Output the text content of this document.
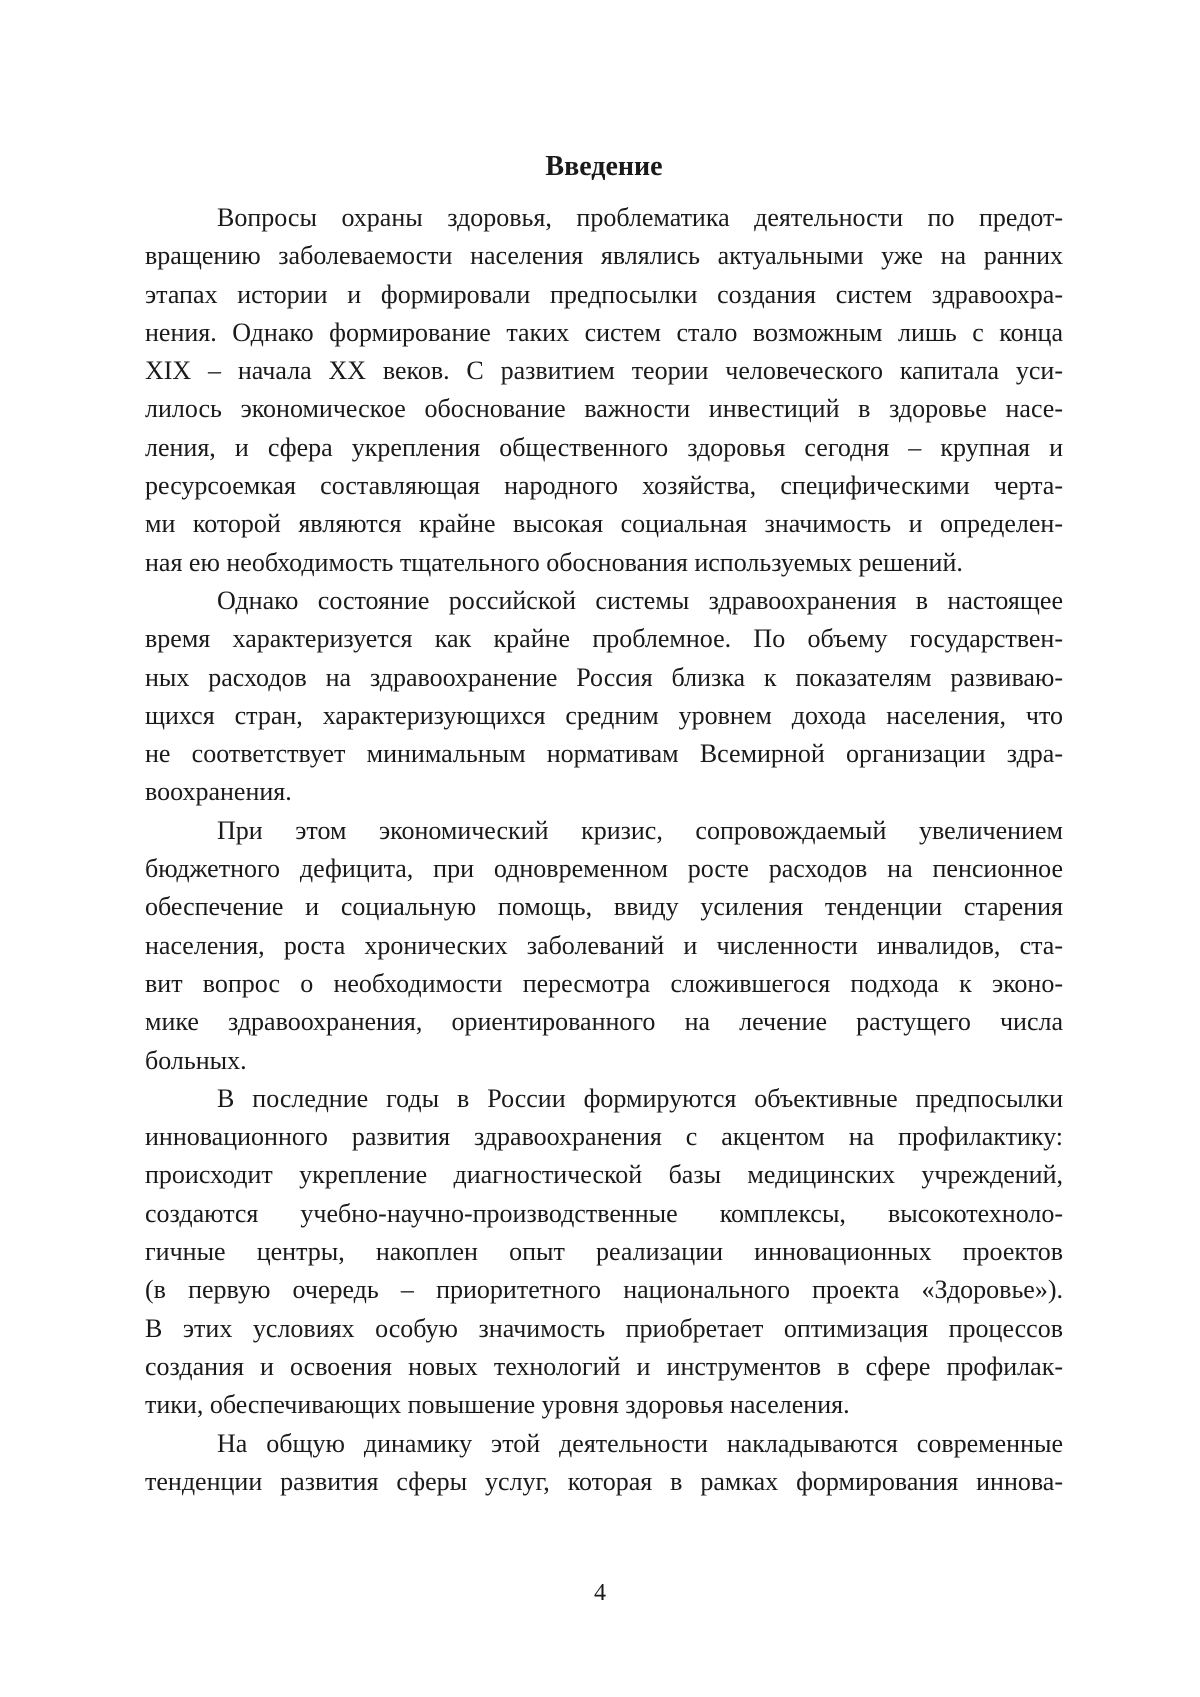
Введение

Вопросы охраны здоровья, проблематика деятельности по предот-
вращению заболеваемости населения являлись актуальными уже на ранних
этапах истории и формировали предпосылки создания систем здравоохра-
нения. Однако формирование таких систем стало возможным лишь с конца
XIX – начала XX веков. С развитием теории человеческого капитала уси-
лилось экономическое обоснование важности инвестиций в здоровье насе-
ления, и сфера укрепления общественного здоровья сегодня – крупная и
ресурсоемкая составляющая народного хозяйства, специфическими черта-
ми которой являются крайне высокая социальная значимость и определен-
ная ею необходимость тщательного обоснования используемых решений.

Однако состояние российской системы здравоохранения в настоящее
время характеризуется как крайне проблемное. По объему государствен-
ных расходов на здравоохранение Россия близка к показателям развиваю-
щихся стран, характеризующихся средним уровнем дохода населения, что
не соответствует минимальным нормативам Всемирной организации здра-
воохранения.

При этом экономический кризис, сопровождаемый увеличением
бюджетного дефицита, при одновременном росте расходов на пенсионное
обеспечение и социальную помощь, ввиду усиления тенденции старения
населения, роста хронических заболеваний и численности инвалидов, ста-
вит вопрос о необходимости пересмотра сложившегося подхода к эконо-
мике здравоохранения, ориентированного на лечение растущего числа
больных.

В последние годы в России формируются объективные предпосылки
инновационного развития здравоохранения с акцентом на профилактику:
происходит укрепление диагностической базы медицинских учреждений,
создаются учебно-научно-производственные комплексы, высокотехноло-
гичные центры, накоплен опыт реализации инновационных проектов
(в первую очередь – приоритетного национального проекта «Здоровье»).
В этих условиях особую значимость приобретает оптимизация процессов
создания и освоения новых технологий и инструментов в сфере профилак-
тики, обеспечивающих повышение уровня здоровья населения.

На общую динамику этой деятельности накладываются современные
тенденции развития сферы услуг, которая в рамках формирования иннова-

4
